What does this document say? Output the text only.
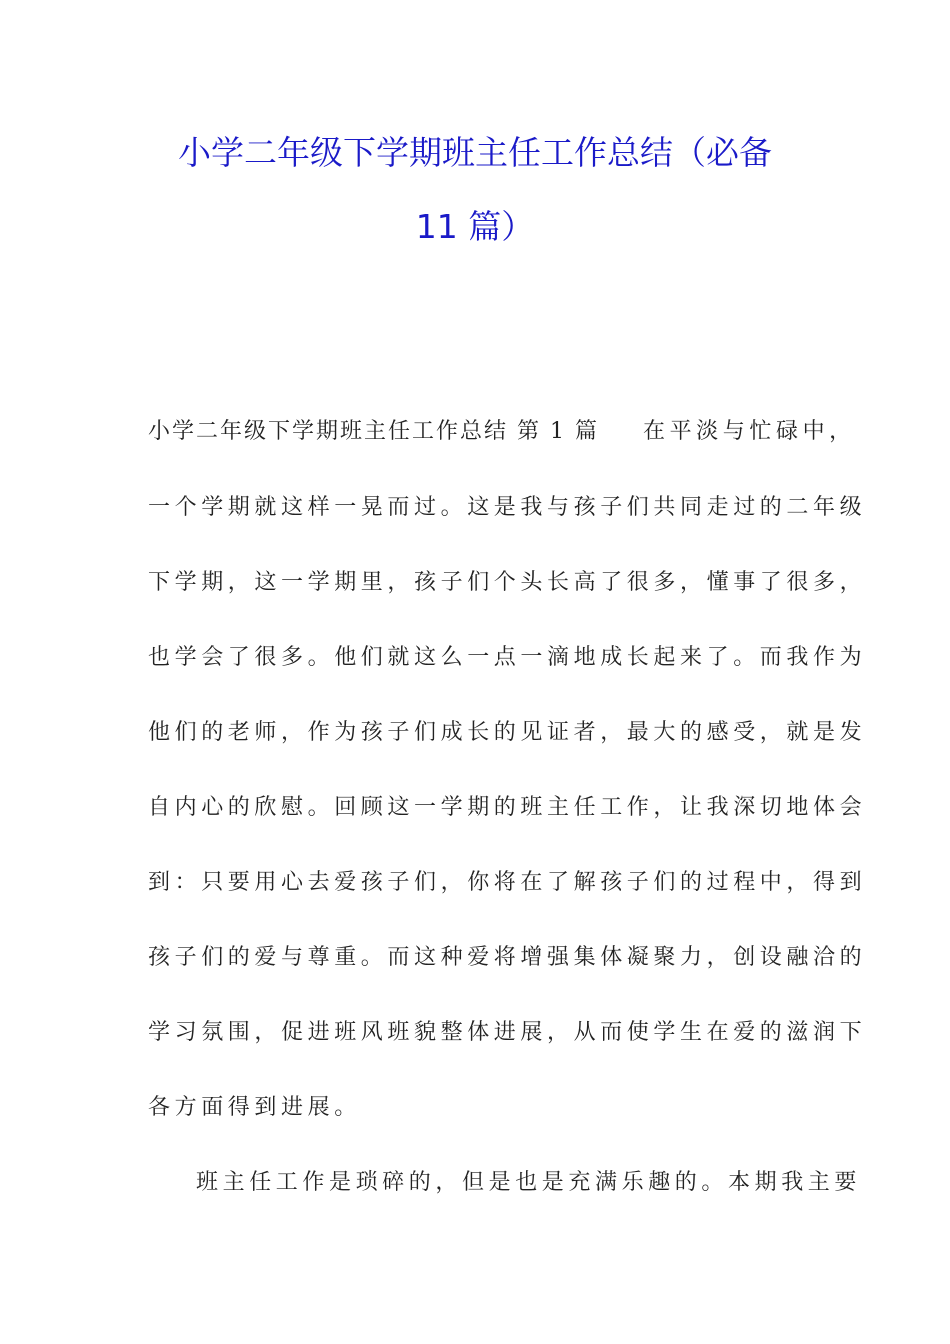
小学二年级下学期班主任工作总结（必备
11 篇）
小学二年级下学期班主任工作总结 第 1 篇 在平淡与忙碌中，
一个学期就这样一晃而过。这是我与孩子们共同走过的二年级
下学期，这一学期里，孩子们个头长高了很多，懂事了很多，
也学会了很多。他们就这么一点一滴地成长起来了。而我作为
他们的老师，作为孩子们成长的见证者，最大的感受，就是发
自内心的欣慰。回顾这一学期的班主任工作，让我深切地体会
到：只要用心去爱孩子们，你将在了解孩子们的过程中，得到
孩子们的爱与尊重。而这种爱将增强集体凝聚力，创设融洽的
学习氛围，促进班风班貌整体进展，从而使学生在爱的滋润下
各方面得到进展。
班主任工作是琐碎的，但是也是充满乐趣的。本期我主要
